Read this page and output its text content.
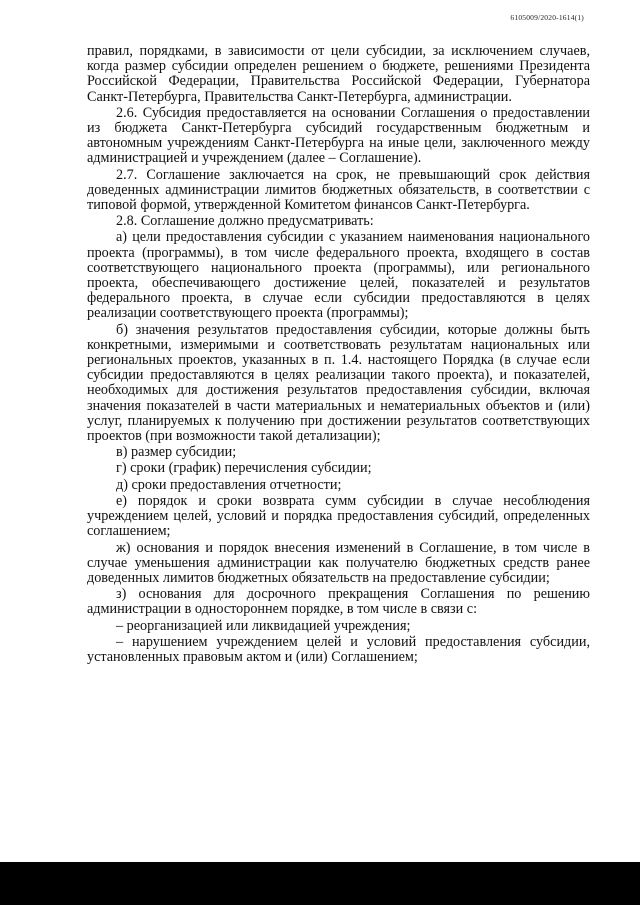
6105009/2020-1614(1)

правил, порядками, в зависимости от цели субсидии, за исключением случаев, когда размер субсидии определен решением о бюджете, решениями Президента Российской Федерации, Правительства Российской Федерации, Губернатора Санкт-Петербурга, Правительства Санкт-Петербурга, администрации.

2.6. Субсидия предоставляется на основании Соглашения о предоставлении из бюджета Санкт-Петербурга субсидий государственным бюджетным и автономным учреждениям Санкт-Петербурга на иные цели, заключенного между администрацией и учреждением (далее – Соглашение).

2.7. Соглашение заключается на срок, не превышающий срок действия доведенных администрации лимитов бюджетных обязательств, в соответствии с типовой формой, утвержденной Комитетом финансов Санкт-Петербурга.

2.8. Соглашение должно предусматривать:

а) цели предоставления субсидии с указанием наименования национального проекта (программы), в том числе федерального проекта, входящего в состав соответствующего национального проекта (программы), или регионального проекта, обеспечивающего достижение целей, показателей и результатов федерального проекта, в случае если субсидии предоставляются в целях реализации соответствующего проекта (программы);

б) значения результатов предоставления субсидии, которые должны быть конкретными, измеримыми и соответствовать результатам национальных или региональных проектов, указанных в п. 1.4. настоящего Порядка (в случае если субсидии предоставляются в целях реализации такого проекта), и показателей, необходимых для достижения результатов предоставления субсидии, включая значения показателей в части материальных и нематериальных объектов и (или) услуг, планируемых к получению при достижении результатов соответствующих проектов (при возможности такой детализации);

в) размер субсидии;

г) сроки (график) перечисления субсидии;

д) сроки предоставления отчетности;

е) порядок и сроки возврата сумм субсидии в случае несоблюдения учреждением целей, условий и порядка предоставления субсидий, определенных соглашением;

ж) основания и порядок внесения изменений в Соглашение, в том числе в случае уменьшения администрации как получателю бюджетных средств ранее доведенных лимитов бюджетных обязательств на предоставление субсидии;

з) основания для досрочного прекращения Соглашения по решению администрации в одностороннем порядке, в том числе в связи с:

– реорганизацией или ликвидацией учреждения;

– нарушением учреждением целей и условий предоставления субсидии, установленных правовым актом и (или) Соглашением;
